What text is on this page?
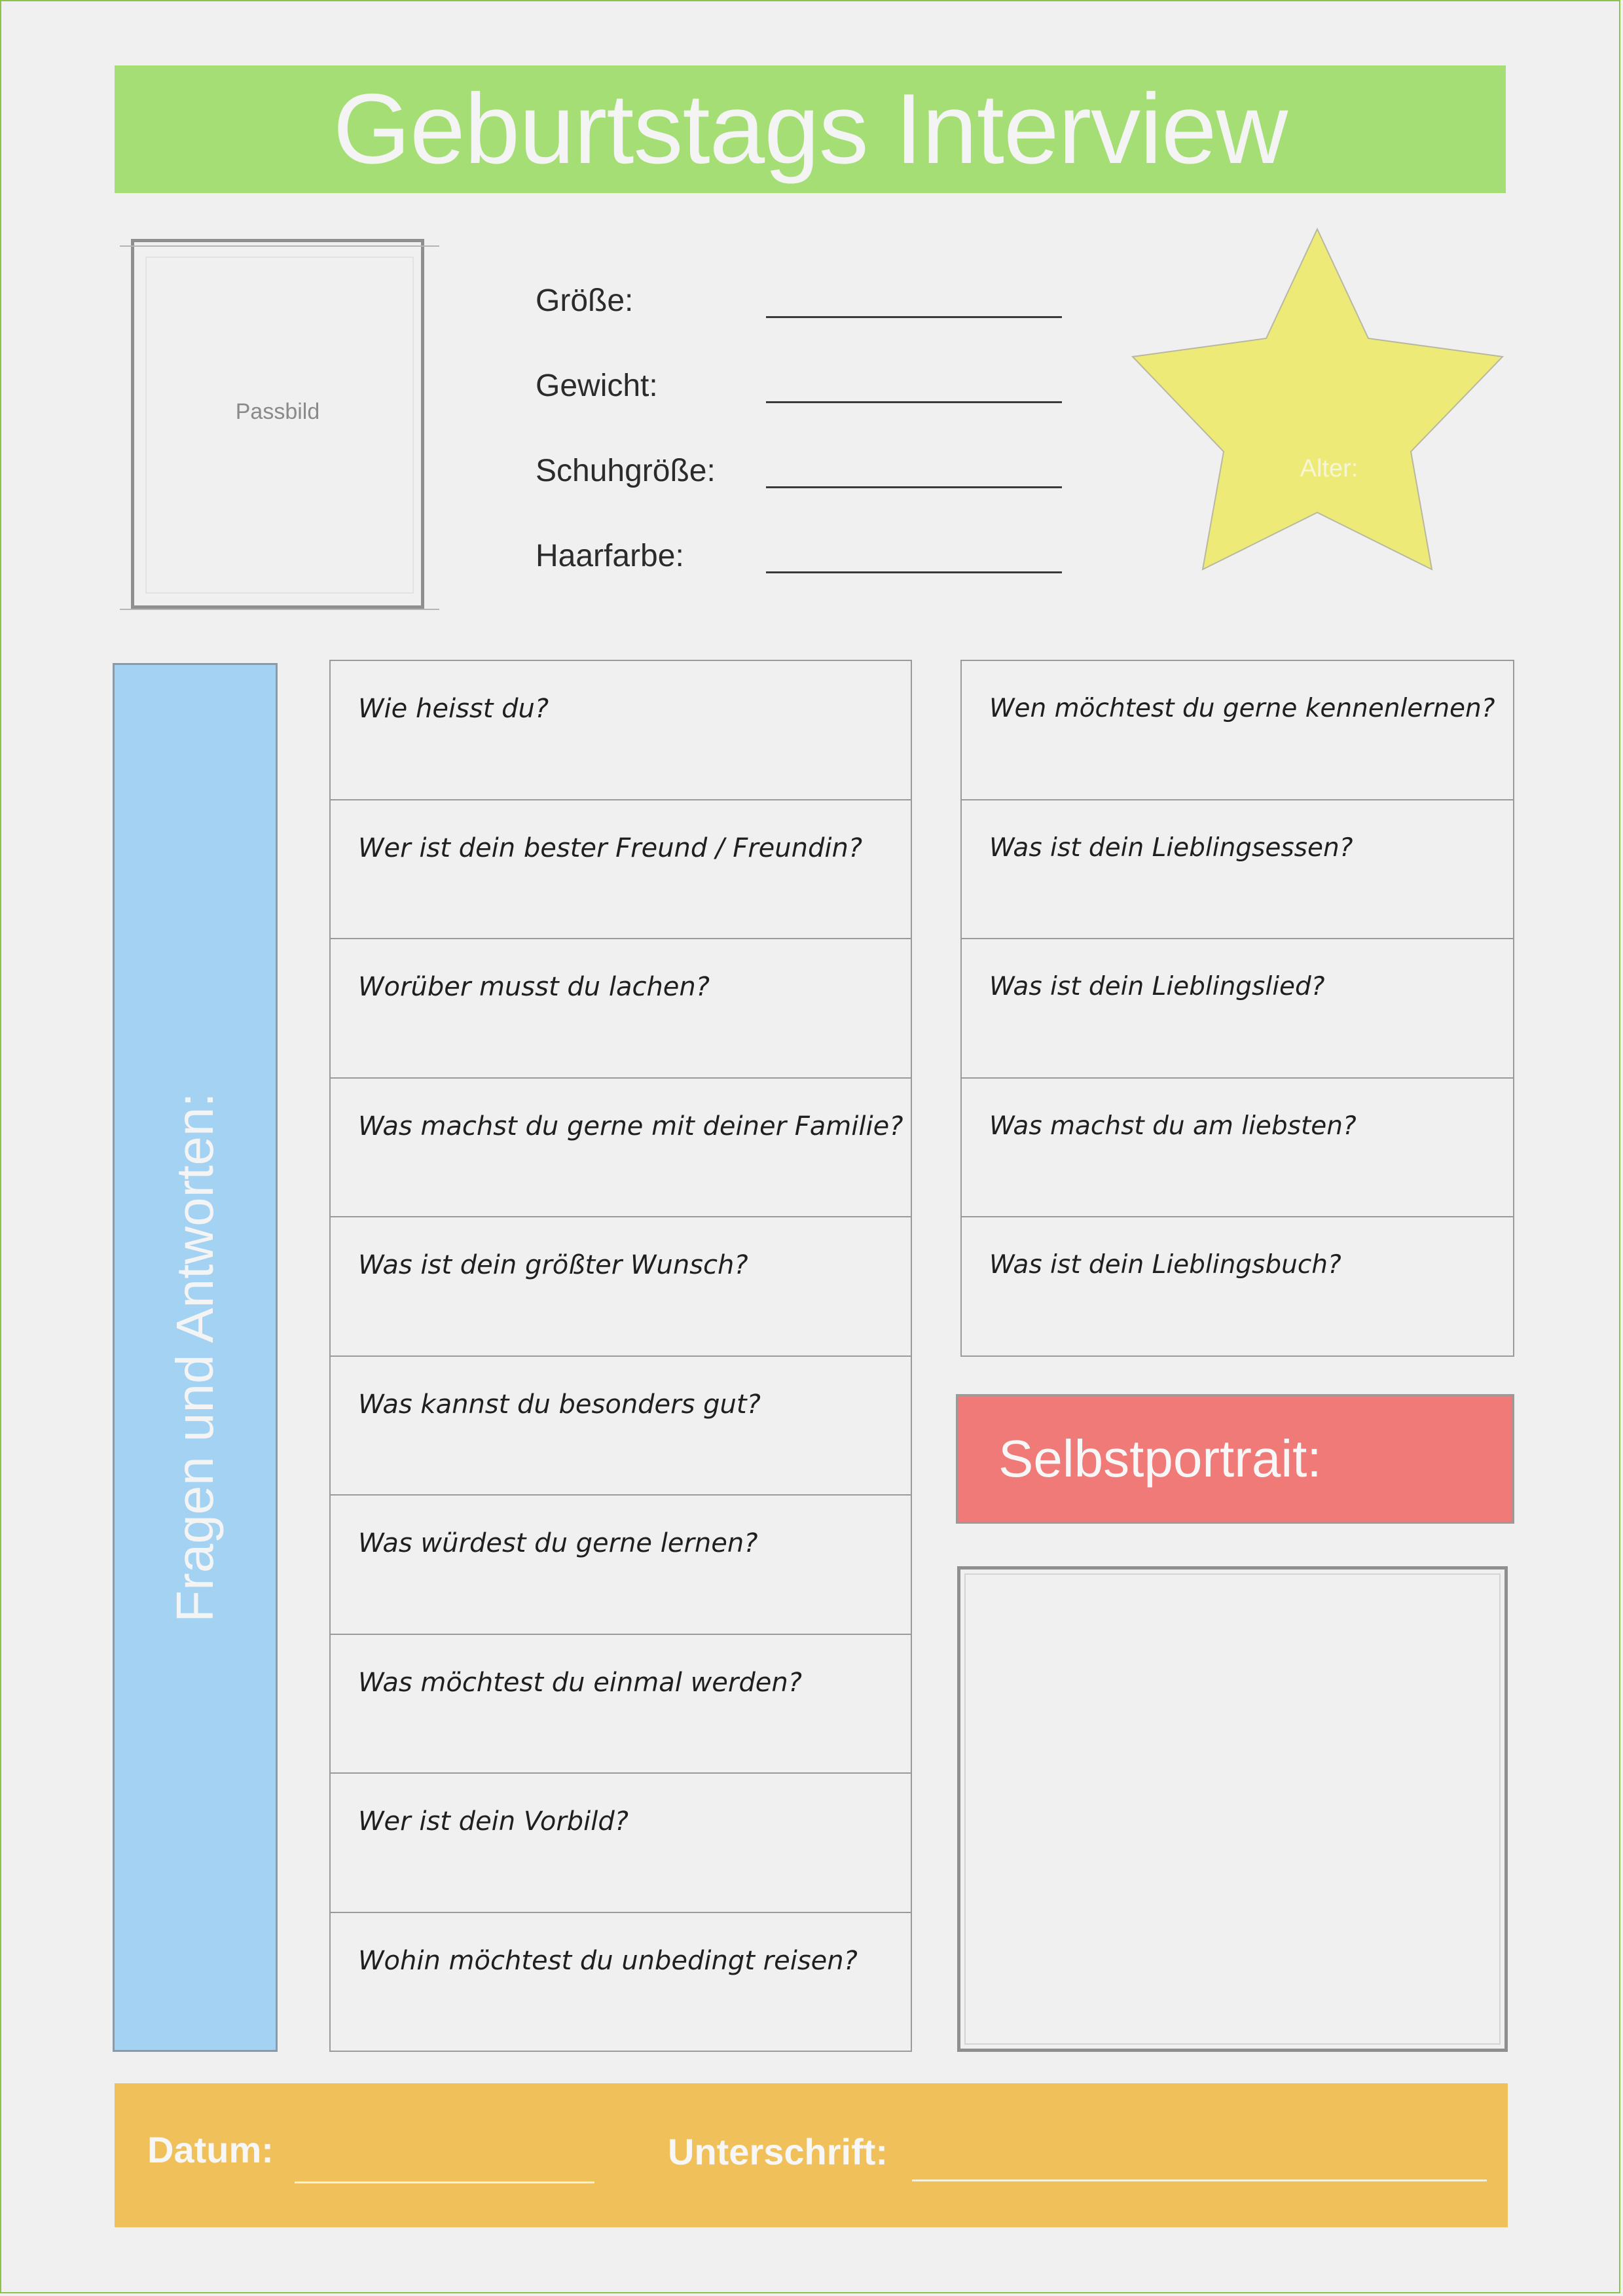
Geburtstags Interview
Passbild
Größe:
Gewicht:
Schuhgröße:
Haarfarbe:
Alter:
Fragen und Antworten:
Wie heisst du?
Wer ist dein bester Freund / Freundin?
Worüber musst du lachen?
Was machst du gerne mit deiner Familie?
Was ist dein größter Wunsch?
Was kannst du besonders gut?
Was würdest du gerne lernen?
Was möchtest du einmal werden?
Wer ist dein Vorbild?
Wohin möchtest du unbedingt reisen?
Wen möchtest du gerne kennenlernen?
Was ist dein Lieblingsessen?
Was ist dein Lieblingslied?
Was machst du am liebsten?
Was ist dein Lieblingsbuch?
Selbstportrait:
Datum:	Unterschrift:
